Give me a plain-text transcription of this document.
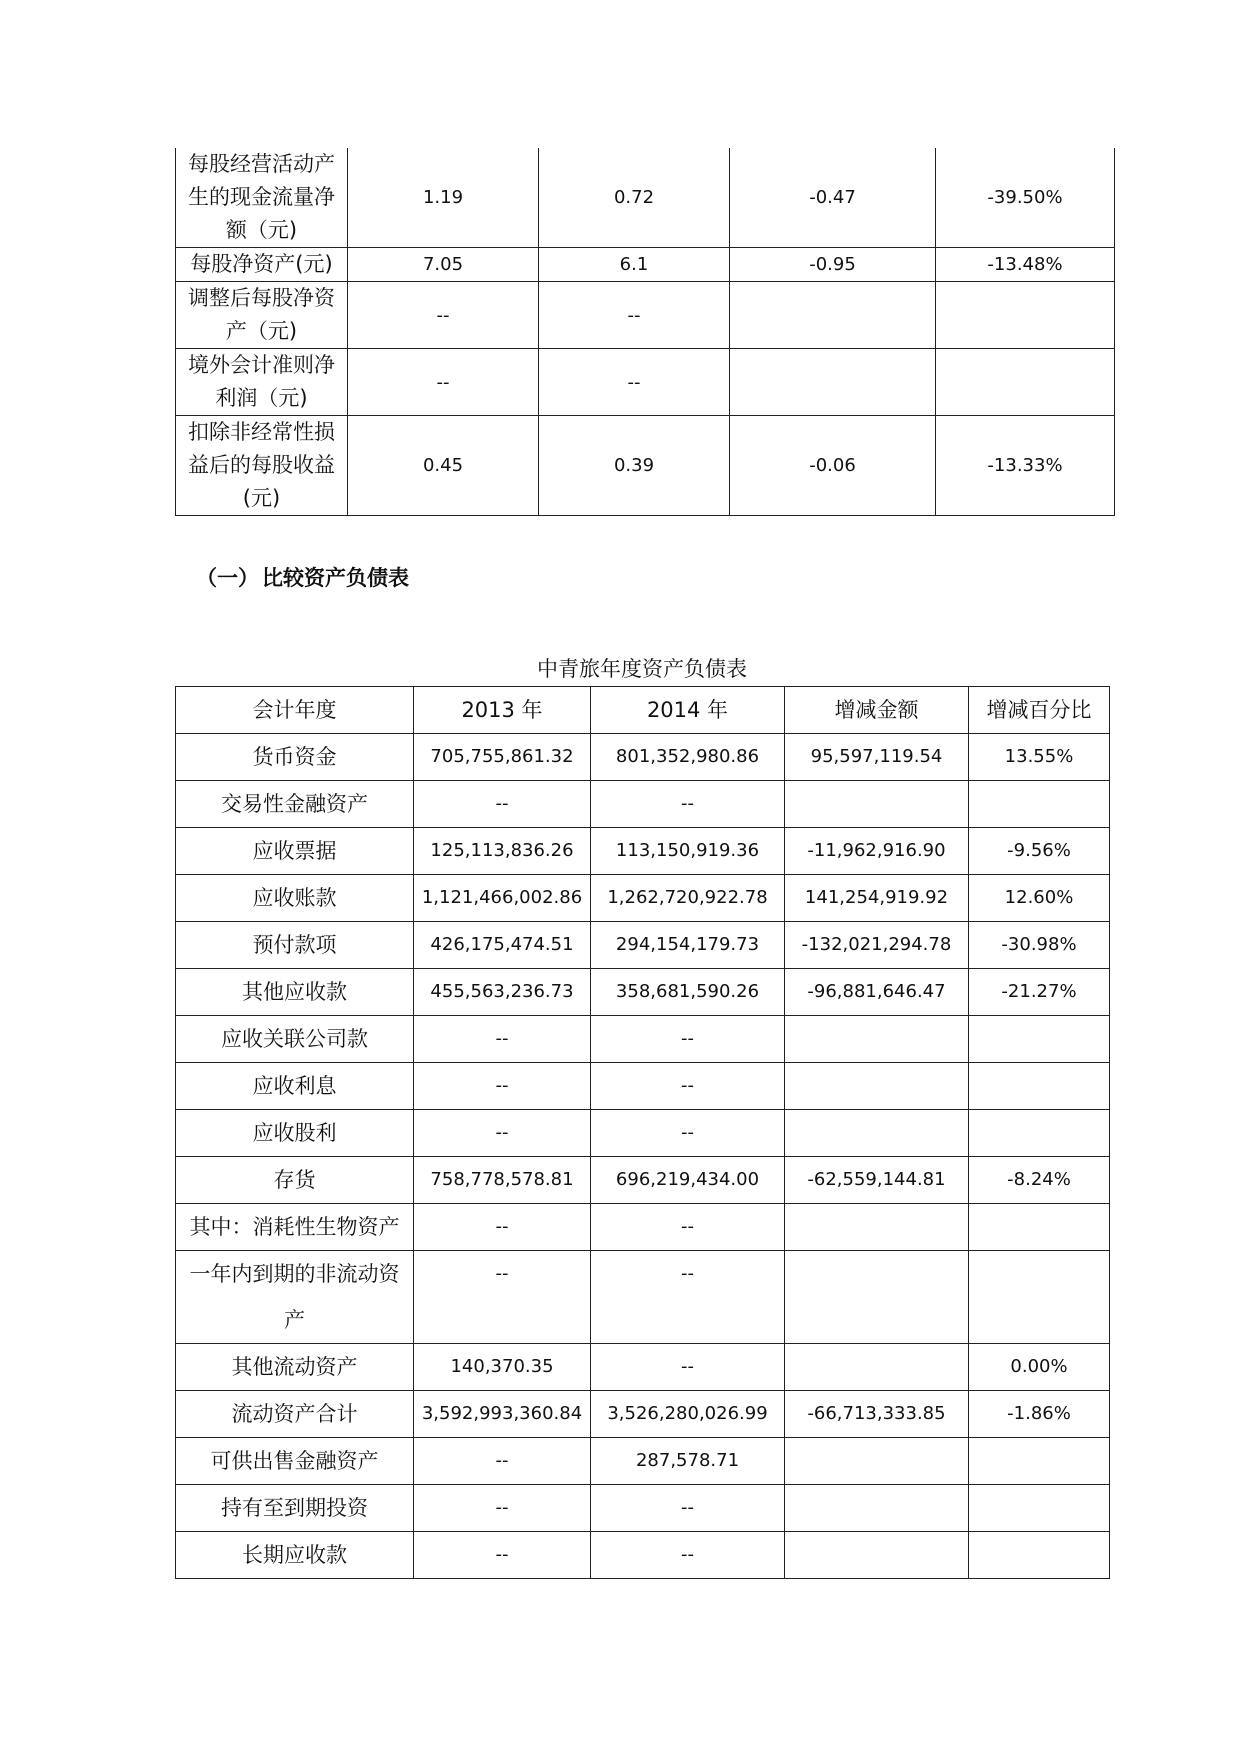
每股经营活动产生的现金流量净额（元)	1.19	0.72	-0.47	-39.50%
每股净资产(元)	7.05	6.1	-0.95	-13.48%
调整后每股净资产（元)	--	--		
境外会计准则净利润（元)	--	--		
扣除非经常性损益后的每股收益(元)	0.45	0.39	-0.06	-13.33%
（一） 比较资产负债表
中青旅年度资产负债表
会计年度	2013 年	2014 年	增减金额	增减百分比
货币资金	705,755,861.32	801,352,980.86	95,597,119.54	13.55%
交易性金融资产	--	--		
应收票据	125,113,836.26	113,150,919.36	-11,962,916.90	-9.56%
应收账款	1,121,466,002.86	1,262,720,922.78	141,254,919.92	12.60%
预付款项	426,175,474.51	294,154,179.73	-132,021,294.78	-30.98%
其他应收款	455,563,236.73	358,681,590.26	-96,881,646.47	-21.27%
应收关联公司款	--	--		
应收利息	--	--		
应收股利	--	--		
存货	758,778,578.81	696,219,434.00	-62,559,144.81	-8.24%
其中：消耗性生物资产	--	--		
一年内到期的非流动资产	--	--		
其他流动资产	140,370.35	--		0.00%
流动资产合计	3,592,993,360.84	3,526,280,026.99	-66,713,333.85	-1.86%
可供出售金融资产	--	287,578.71		
持有至到期投资	--	--		
长期应收款	--	--		
